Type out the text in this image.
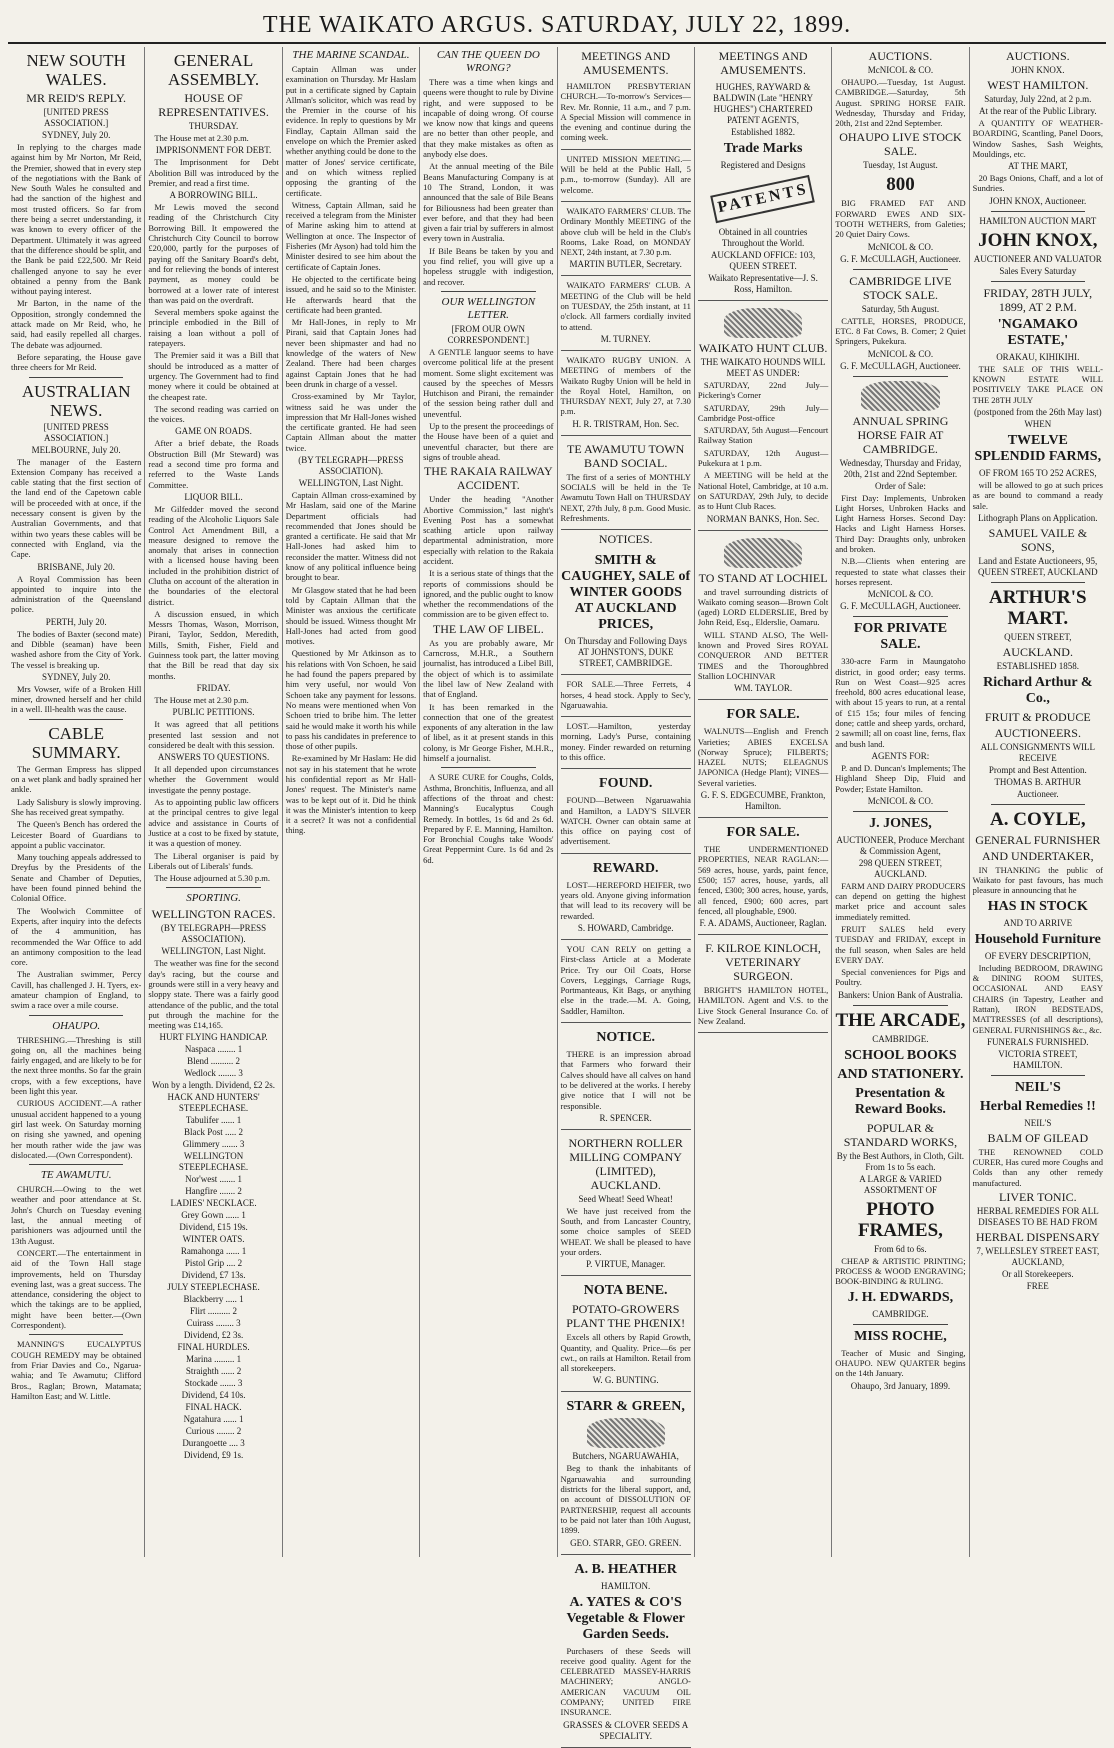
THE WAIKATO ARGUS. SATURDAY, JULY 22, 1899.
NEW SOUTH WALES.
MR REID'S REPLY.
[UNITED PRESS ASSOCIATION.]
SYDNEY, July 20.

In replying to the charges made against him by Mr Norton, Mr Reid, the Premier, showed that in every step of the negotiations with the Bank of New South Wales he consulted and had the sanction of the highest and most trusted officers. So far from there being a secret understanding, it was known to every officer of the Department. Ultimately it was agreed that the difference should be split, and the Bank be paid £22,500. Mr Reid challenged anyone to say he ever obtained a penny from the Bank without paying interest.

Mr Barton, in the name of the Opposition, strongly condemned the attack made on Mr Reid, who, he said, had easily repelled all charges. The debate was adjourned.

Before separating, the House gave three cheers for Mr Reid.

AUSTRALIAN NEWS.
[UNITED PRESS ASSOCIATION.]
MELBOURNE, July 20.

The manager of the Eastern Extension Company has received a cable stating that the first section of the land end of the Capetown cable will be proceeded with at once, if the necessary consent is given by the Australian Governments, and that within two years these cables will be connected with England, via the Cape.

BRISBANE, July 20.

A Royal Commission has been appointed to inquire into the administration of the Queensland police.

PERTH, July 20.

The bodies of Baxter (second mate) and Dibble (seaman) have been washed ashore from the City of York. The vessel is breaking up.

SYDNEY, July 20.

Mrs Vowser, wife of a Broken Hill miner, drowned herself and her child in a well. Ill-health was the cause.

CABLE SUMMARY.

The German Empress has slipped on a wet plank and badly sprained her ankle.

Lady Salisbury is slowly improving. She has received great sympathy.

The Queen's Bench has ordered the Leicester Board of Guardians to appoint a public vaccinator.

Many touching appeals addressed to Dreyfus by the Presidents of the Senate and Chamber of Deputies, have been found pinned behind the Colonial Office.

The Woolwich Committee of Experts, after inquiry into the defects of the 4 ammunition, has recommended the War Office to add an antimony composition to the lead core.

The Australian swimmer, Percy Cavill, has challenged J. H. Tyers, ex-amateur champion of England, to swim a race over a mile course.

OHAUPO.

THRESHING.—Threshing is still going on, all the machines being fairly engaged, and are likely to be for the next three months. So far the grain crops, with a few exceptions, have been light this year.

CURIOUS ACCIDENT.—A rather unusual accident happened to a young girl last week. On Saturday morning on rising she yawned, and opening her mouth rather wide the jaw was dislocated.—(Own Correspondent).

TE AWAMUTU.

CHURCH.—Owing to the wet weather and poor attendance at St. John's Church on Tuesday evening last, the annual meeting of parishioners was adjourned until the 13th August.

CONCERT.—The entertainment in aid of the Town Hall stage improvements, held on Thursday evening last, was a great success. The attendance, considering the object to which the takings are to be applied, might have been better.—(Own Correspondent).

MANNING'S EUCALYPTUS COUGH REMEDY may be obtained from Friar Davies and Co., Ngarua-wahia; and Te Awamutu; Clifford Bros., Raglan; Brown, Matamata; Hamilton East; and W. Little.

GENERAL ASSEMBLY.
HOUSE OF REPRESENTATIVES.
THURSDAY.

The House met at 2.30 p.m.

IMPRISONMENT FOR DEBT.

The Imprisonment for Debt Abolition Bill was introduced by the Premier, and read a first time.

A BORROWING BILL.

Mr Lewis moved the second reading of the Christchurch City Borrowing Bill. It empowered the Christchurch City Council to borrow £20,000, partly for the purposes of paying off the Sanitary Board's debt, and for relieving the bonds of interest payment, as money could be borrowed at a lower rate of interest than was paid on the overdraft.

Several members spoke against the principle embodied in the Bill of raising a loan without a poll of ratepayers.

The Premier said it was a Bill that should be introduced as a matter of urgency. The Government had to find money where it could be obtained at the cheapest rate.

The second reading was carried on the voices.

GAME ON ROADS.

After a brief debate, the Roads Obstruction Bill (Mr Steward) was read a second time pro forma and referred to the Waste Lands Committee.

LIQUOR BILL.

Mr Gilfedder moved the second reading of the Alcoholic Liquors Sale Control Act Amendment Bill, a measure designed to remove the anomaly that arises in connection with a licensed house having been included in the prohibition district of Clutha on account of the alteration in the boundaries of the electoral district.

A discussion ensued, in which Messrs Thomas, Wason, Morrison, Pirani, Taylor, Seddon, Meredith, Mills, Smith, Fisher, Field and Guinness took part, the latter moving that the Bill be read that day six months.

FRIDAY.

The House met at 2.30 p.m.

PUBLIC PETITIONS.

It was agreed that all petitions presented last session and not considered be dealt with this session.

ANSWERS TO QUESTIONS.

It all depended upon circumstances whether the Government would investigate the penny postage.

As to appointing public law officers at the principal centres to give legal advice and assistance in Courts of Justice at a cost to be fixed by statute, it was a question of money.

The Liberal organiser is paid by Liberals out of Liberals' funds.

The House adjourned at 5.30 p.m.

SPORTING.
WELLINGTON RACES.
(BY TELEGRAPH—PRESS ASSOCIATION).
WELLINGTON, Last Night.

The weather was fine for the second day's racing, but the course and grounds were still in a very heavy and sloppy state. There was a fairly good attendance of the public, and the total put through the machine for the meeting was £14,165.

HURT FLYING HANDICAP.
Naspaca ........ 1
Blend .......... 2
Wedlock ........ 3
Won by a length. Dividend, £2 2s.
HACK AND HUNTERS' STEEPLECHASE.
Tabulifer ...... 1
Black Post ..... 2
Glimmery ....... 3
WELLINGTON STEEPLECHASE.
Nor'west ....... 1
Hangfire ....... 2
LADIES' NECKLACE.
Grey Gown ...... 1
Dividend, £15 19s.
WINTER OATS.
Ramahonga ...... 1
Pistol Grip .... 2
Dividend, £7 13s.
JULY STEEPLECHASE.
Blackberry ..... 1
Flirt .......... 2
Cuirass ........ 3
Dividend, £2 3s.
FINAL HURDLES.
Marina ......... 1
Straighth ...... 2
Stockade ....... 3
Dividend, £4 10s.
FINAL HACK.
Ngatahura ...... 1
Curious ........ 2
Durangoette .... 3
Dividend, £9 1s.
THE MARINE SCANDAL.

Captain Allman was under examination on Thursday. Mr Haslam put in a certificate signed by Captain Allman's solicitor, which was read by the Premier in the course of his evidence. In reply to questions by Mr Findlay, Captain Allman said the envelope on which the Premier asked whether anything could be done to the matter of Jones' service certificate, and on which witness replied opposing the granting of the certificate.

Witness, Captain Allman, said he received a telegram from the Minister of Marine asking him to attend at Wellington at once. The Inspector of Fisheries (Mr Ayson) had told him the Minister desired to see him about the certificate of Captain Jones.

He objected to the certificate being issued, and he said so to the Minister. He afterwards heard that the certificate had been granted.

Mr Hall-Jones, in reply to Mr Pirani, said that Captain Jones had never been shipmaster and had no knowledge of the waters of New Zealand. There had been charges against Captain Jones that he had been drunk in charge of a vessel.

Cross-examined by Mr Taylor, witness said he was under the impression that Mr Hall-Jones wished the certificate granted. He had seen Captain Allman about the matter twice.

(BY TELEGRAPH—PRESS ASSOCIATION).
WELLINGTON, Last Night.

Captain Allman cross-examined by Mr Haslam, said one of the Marine Department officials had recommended that Jones should be granted a certificate. He said that Mr Hall-Jones had asked him to reconsider the matter. Witness did not know of any political influence being brought to bear.

Mr Glasgow stated that he had been told by Captain Allman that the Minister was anxious the certificate should be issued. Witness thought Mr Hall-Jones had acted from good motives.

Questioned by Mr Atkinson as to his relations with Von Schoen, he said he had found the papers prepared by him very useful, nor would Von Schoen take any payment for lessons. No means were mentioned when Von Schoen tried to bribe him. The letter said he would make it worth his while to pass his candidates in preference to those of other pupils.

Re-examined by Mr Haslam: He did not say in his statement that he wrote his confidential report as Mr Hall-Jones' request. The Minister's name was to be kept out of it. Did he think it was the Minister's intention to keep it a secret? It was not a confidential thing.

CAN THE QUEEN DO WRONG?

There was a time when kings and queens were thought to rule by Divine right, and were supposed to be incapable of doing wrong. Of course we know now that kings and queens are no better than other people, and that they make mistakes as often as anybody else does.

At the annual meeting of the Bile Beans Manufacturing Company is at 10 The Strand, London, it was announced that the sale of Bile Beans for Biliousness had been greater than ever before, and that they had been given a fair trial by sufferers in almost every town in Australia.

If Bile Beans be taken by you and you find relief, you will give up a hopeless struggle with indigestion, and recover.

OUR WELLINGTON LETTER.
[FROM OUR OWN CORRESPONDENT.]

A GENTLE languor seems to have overcome political life at the present moment. Some slight excitement was caused by the speeches of Messrs Hutchison and Pirani, the remainder of the session being rather dull and uneventful.

Up to the present the proceedings of the House have been of a quiet and uneventful character, but there are signs of trouble ahead.

THE RAKAIA RAILWAY ACCIDENT.

Under the heading "Another Abortive Commission," last night's Evening Post has a somewhat scathing article upon railway departmental administration, more especially with relation to the Rakaia accident.

It is a serious state of things that the reports of commissions should be ignored, and the public ought to know whether the recommendations of the commission are to be given effect to.

THE LAW OF LIBEL.

As you are probably aware, Mr Carncross, M.H.R., a Southern journalist, has introduced a Libel Bill, the object of which is to assimilate the libel law of New Zealand with that of England.

It has been remarked in the connection that one of the greatest exponents of any alteration in the law of libel, as it at present stands in this colony, is Mr George Fisher, M.H.R., himself a journalist.

A SURE CURE for Coughs, Colds, Asthma, Bronchitis, Influenza, and all affections of the throat and chest: Manning's Eucalyptus Cough Remedy. In bottles, 1s 6d and 2s 6d. Prepared by F. E. Manning, Hamilton. For Bronchial Coughs take Woods' Great Peppermint Cure. 1s 6d and 2s 6d.

MEETINGS AND AMUSEMENTS.

HAMILTON PRESBYTERIAN CHURCH.—To-morrow's Services—Rev. Mr. Ronnie, 11 a.m., and 7 p.m. A Special Mission will commence in the evening and continue during the coming week.

UNITED MISSION MEETING.—Will be held at the Public Hall, 5 p.m., to-morrow (Sunday). All are welcome.

WAIKATO FARMERS' CLUB. The Ordinary Monthly MEETING of the above club will be held in the Club's Rooms, Lake Road, on MONDAY NEXT, 24th instant, at 7.30 p.m.

MARTIN BUTLER, Secretary.

WAIKATO FARMERS' CLUB. A MEETING of the Club will be held on TUESDAY, the 25th instant, at 11 o'clock. All farmers cordially invited to attend.

M. TURNEY.

WAIKATO RUGBY UNION. A MEETING of members of the Waikato Rugby Union will be held in the Royal Hotel, Hamilton, on THURSDAY NEXT, July 27, at 7.30 p.m.

H. R. TRISTRAM, Hon. Sec.
TE AWAMUTU TOWN BAND SOCIAL.

The first of a series of MONTHLY SOCIALS will be held in the Te Awamutu Town Hall on THURSDAY NEXT, 27th July, 8 p.m. Good Music. Refreshments.

NOTICES.
SMITH & CAUGHEY, SALE of WINTER GOODS AT AUCKLAND PRICES,
On Thursday and Following Days AT JOHNSTON'S, DUKE STREET, CAMBRIDGE.

FOR SALE.—Three Ferrets, 4 horses, 4 head stock. Apply to Sec'y, Ngaruawahia.

LOST.—Hamilton, yesterday morning, Lady's Purse, containing money. Finder rewarded on returning to this office.

FOUND.

FOUND—Between Ngaruawahia and Hamilton, a LADY'S SILVER WATCH. Owner can obtain same at this office on paying cost of advertisement.

REWARD.

LOST—HEREFORD HEIFER, two years old. Anyone giving information that will lead to its recovery will be rewarded.

S. HOWARD, Cambridge.

YOU CAN RELY on getting a First-class Article at a Moderate Price. Try our Oil Coats, Horse Covers, Leggings, Carriage Rugs, Portmanteaus, Kit Bags, or anything else in the trade.—M. A. Going, Saddler, Hamilton.

NOTICE.

THERE is an impression abroad that Farmers who forward their Calves should have all calves on hand to be delivered at the works. I hereby give notice that I will not be responsible.

R. SPENCER.
NORTHERN ROLLER MILLING COMPANY (LIMITED), AUCKLAND.
Seed Wheat! Seed Wheat!

We have just received from the South, and from Lancaster Country, some choice samples of SEED WHEAT. We shall be pleased to have your orders.

P. VIRTUE, Manager.
NOTA BENE.
POTATO-GROWERS PLANT THE PHŒNIX!

Excels all others by Rapid Growth, Quantity, and Quality. Price—6s per cwt., on rails at Hamilton. Retail from all storekeepers.

W. G. BUNTING.
STARR & GREEN,
Butchers, NGARUAWAHIA,

Beg to thank the inhabitants of Ngaruawahia and surrounding districts for the liberal support, and, on account of DISSOLUTION OF PARTNERSHIP, request all accounts to be paid not later than 10th August, 1899.

GEO. STARR, GEO. GREEN.
A. B. HEATHER
HAMILTON.
A. YATES & CO'S Vegetable & Flower Garden Seeds.

Purchasers of these Seeds will receive good quality. Agent for the CELEBRATED MASSEY-HARRIS MACHINERY; ANGLO-AMERICAN VACUUM OIL COMPANY; UNITED FIRE INSURANCE.

GRASSES & CLOVER SEEDS A SPECIALITY.
MEETINGS AND AMUSEMENTS.
HUGHES, RAYWARD & BALDWIN (Late "HENRY HUGHES") CHARTERED PATENT AGENTS,
Established 1882.
Trade Marks
Registered and Designs
PATENTS
Obtained in all countries Throughout the World.
AUCKLAND OFFICE: 103, QUEEN STREET.
Waikato Representative—J. S. Ross, Hamilton.
WAIKATO HUNT CLUB.
THE WAIKATO HOUNDS WILL MEET AS UNDER:

SATURDAY, 22nd July—Pickering's Corner

SATURDAY, 29th July—Cambridge Post-office

SATURDAY, 5th August—Fencourt Railway Station

SATURDAY, 12th August—Pukekura at 1 p.m.

A MEETING will be held at the National Hotel, Cambridge, at 10 a.m. on SATURDAY, 29th July, to decide as to Hunt Club Races.

NORMAN BANKS, Hon. Sec.
TO STAND AT LOCHIEL

and travel surrounding districts of Waikato coming season—Brown Colt (aged) LORD ELDERSLIE, Bred by John Reid, Esq., Elderslie, Oamaru.

WILL STAND ALSO, The Well-known and Proved Sires ROYAL CONQUEROR AND BETTER TIMES and the Thoroughbred Stallion LOCHINVAR

WM. TAYLOR.
FOR SALE.

WALNUTS—English and French Varieties; ABIES EXCELSA (Norway Spruce); FILBERTS; HAZEL NUTS; ELEAGNUS JAPONICA (Hedge Plant); VINES—Several varieties.

G. F. S. EDGECUMBE, Frankton, Hamilton.
FOR SALE.

THE UNDERMENTIONED PROPERTIES, NEAR RAGLAN:—569 acres, house, yards, paint fence, £500; 157 acres, house, yards, all fenced, £300; 300 acres, house, yards, all fenced, £900; 600 acres, part fenced, all ploughable, £900.

F. A. ADAMS, Auctioneer, Raglan.
F. KILROE KINLOCH, VETERINARY SURGEON.

BRIGHT'S HAMILTON HOTEL, HAMILTON. Agent and V.S. to the Live Stock General Insurance Co. of New Zealand.

AUCTIONS.
McNICOL & CO.

OHAUPO.—Tuesday, 1st August. CAMBRIDGE.—Saturday, 5th August. SPRING HORSE FAIR. Wednesday, Thursday and Friday, 20th, 21st and 22nd September.

OHAUPO LIVE STOCK SALE.
Tuesday, 1st August.
800

BIG FRAMED FAT AND FORWARD EWES AND SIX-TOOTH WETHERS, from Galeties; 20 Quiet Dairy Cows.

McNICOL & CO.
G. F. McCULLAGH, Auctioneer.
CAMBRIDGE LIVE STOCK SALE.
Saturday, 5th August.

CATTLE, HORSES, PRODUCE, ETC. 8 Fat Cows, B. Comer; 2 Quiet Springers, Pukekura.

McNICOL & CO.
G. F. McCULLAGH, Auctioneer.
ANNUAL SPRING HORSE FAIR AT CAMBRIDGE.
Wednesday, Thursday and Friday, 20th, 21st and 22nd September.
Order of Sale:

First Day: Implements, Unbroken Light Horses, Unbroken Hacks and Light Harness Horses. Second Day: Hacks and Light Harness Horses. Third Day: Draughts only, unbroken and broken.

N.B.—Clients when entering are requested to state what classes their horses represent.

McNICOL & CO.
G. F. McCULLAGH, Auctioneer.
FOR PRIVATE SALE.

330-acre Farm in Maungatoho district, in good order; easy terms. Run on West Coast—925 acres freehold, 800 acres educational lease, with about 15 years to run, at a rental of £15 15s; four miles of fencing done; cattle and sheep yards, orchard, 2 sawmill; all on coast line, ferns, flax and bush land.

AGENTS FOR:

P. and D. Duncan's Implements; The Highland Sheep Dip, Fluid and Powder; Estate Hamilton.

McNICOL & CO.
J. JONES,
AUCTIONEER, Produce Merchant & Commission Agent,
298 QUEEN STREET, AUCKLAND.

FARM AND DAIRY PRODUCERS can depend on getting the highest market price and account sales immediately remitted.

FRUIT SALES held every TUESDAY and FRIDAY, except in the full season, when Sales are held EVERY DAY.

Special conveniences for Pigs and Poultry.

Bankers: Union Bank of Australia.
THE ARCADE,
CAMBRIDGE.
SCHOOL BOOKS
AND STATIONERY.
Presentation & Reward Books.
POPULAR & STANDARD WORKS,
By the Best Authors, in Cloth, Gilt. From 1s to 5s each.
A LARGE & VARIED ASSORTMENT OF
PHOTO FRAMES,
From 6d to 6s.

CHEAP & ARTISTIC PRINTING; PROCESS & WOOD ENGRAVING; BOOK-BINDING & RULING.

J. H. EDWARDS,
CAMBRIDGE.
MISS ROCHE,

Teacher of Music and Singing, OHAUPO. NEW QUARTER begins on the 14th January.

Ohaupo, 3rd January, 1899.
AUCTIONS.
JOHN KNOX.
WEST HAMILTON.
Saturday, July 22nd, at 2 p.m.
At the rear of the Public Library.

A QUANTITY OF WEATHER-BOARDING, Scantling, Panel Doors, Window Sashes, Sash Weights, Mouldings, etc.

AT THE MART,

20 Bags Onions, Chaff, and a lot of Sundries.

JOHN KNOX, Auctioneer.
HAMILTON AUCTION MART
JOHN KNOX,
AUCTIONEER AND VALUATOR
Sales Every Saturday
FRIDAY, 28TH JULY, 1899, AT 2 P.M.
'NGAMAKO ESTATE,'
ORAKAU, KIHIKIHI.

THE SALE OF THIS WELL-KNOWN ESTATE WILL POSITIVELY TAKE PLACE ON THE 28TH JULY

(postponed from the 26th May last)
WHEN
TWELVE SPLENDID FARMS,
OF FROM 165 TO 252 ACRES,

will be allowed to go at such prices as are bound to command a ready sale.

Lithograph Plans on Application.
SAMUEL VAILE & SONS,
Land and Estate Auctioneers, 95, QUEEN STREET, AUCKLAND
ARTHUR'S MART.
QUEEN STREET,
AUCKLAND.
ESTABLISHED 1858.
Richard Arthur & Co.,
FRUIT & PRODUCE
AUCTIONEERS.
ALL CONSIGNMENTS WILL RECEIVE
Prompt and Best Attention.
THOMAS B. ARTHUR
Auctioneer.
A. COYLE,
GENERAL FURNISHER
AND UNDERTAKER,

IN THANKING the public of Waikato for past favours, has much pleasure in announcing that he

HAS IN STOCK
AND TO ARRIVE
Household Furniture
OF EVERY DESCRIPTION,

Including BEDROOM, DRAWING & DINING ROOM SUITES, OCCASIONAL AND EASY CHAIRS (in Tapestry, Leather and Rattan), IRON BEDSTEADS, MATTRESSES (of all descriptions), GENERAL FURNISHINGS &c., &c.

FUNERALS FURNISHED.
VICTORIA STREET, HAMILTON.
NEIL'S
Herbal Remedies !!
NEIL'S
BALM OF GILEAD

THE RENOWNED COLD CURER, Has cured more Coughs and Colds than any other remedy manufactured.

LIVER TONIC.
HERBAL REMEDIES FOR ALL DISEASES TO BE HAD FROM
HERBAL DISPENSARY
7, WELLESLEY STREET EAST, AUCKLAND,
Or all Storekeepers.
FREE
